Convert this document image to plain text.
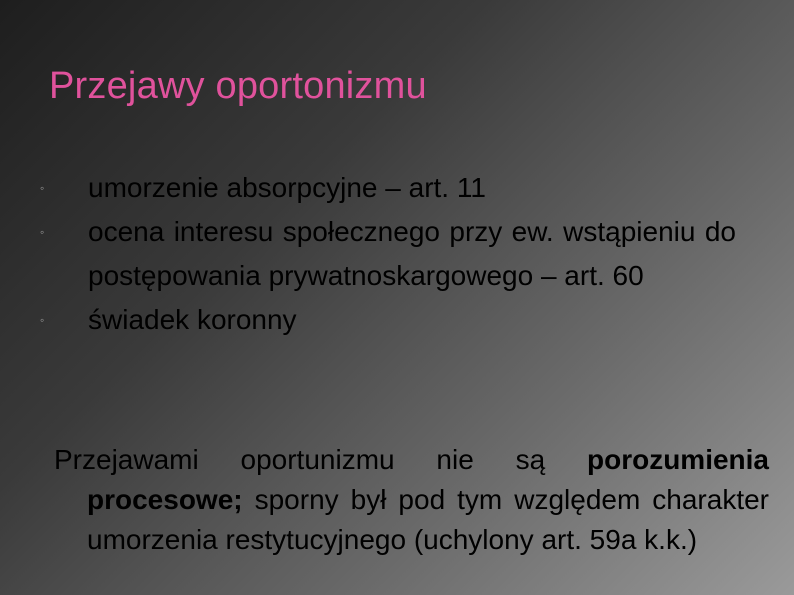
Przejawy oportonizmu
◦	umorzenie absorpcyjne – art. 11
◦	ocena interesu społecznego przy ew. wstąpieniu do postępowania prywatnoskargowego – art. 60
◦	świadek koronny

Przejawami oportunizmu nie są porozumienia procesowe; sporny był pod tym względem charakter umorzenia restytucyjnego (uchylony art. 59a k.k.)
